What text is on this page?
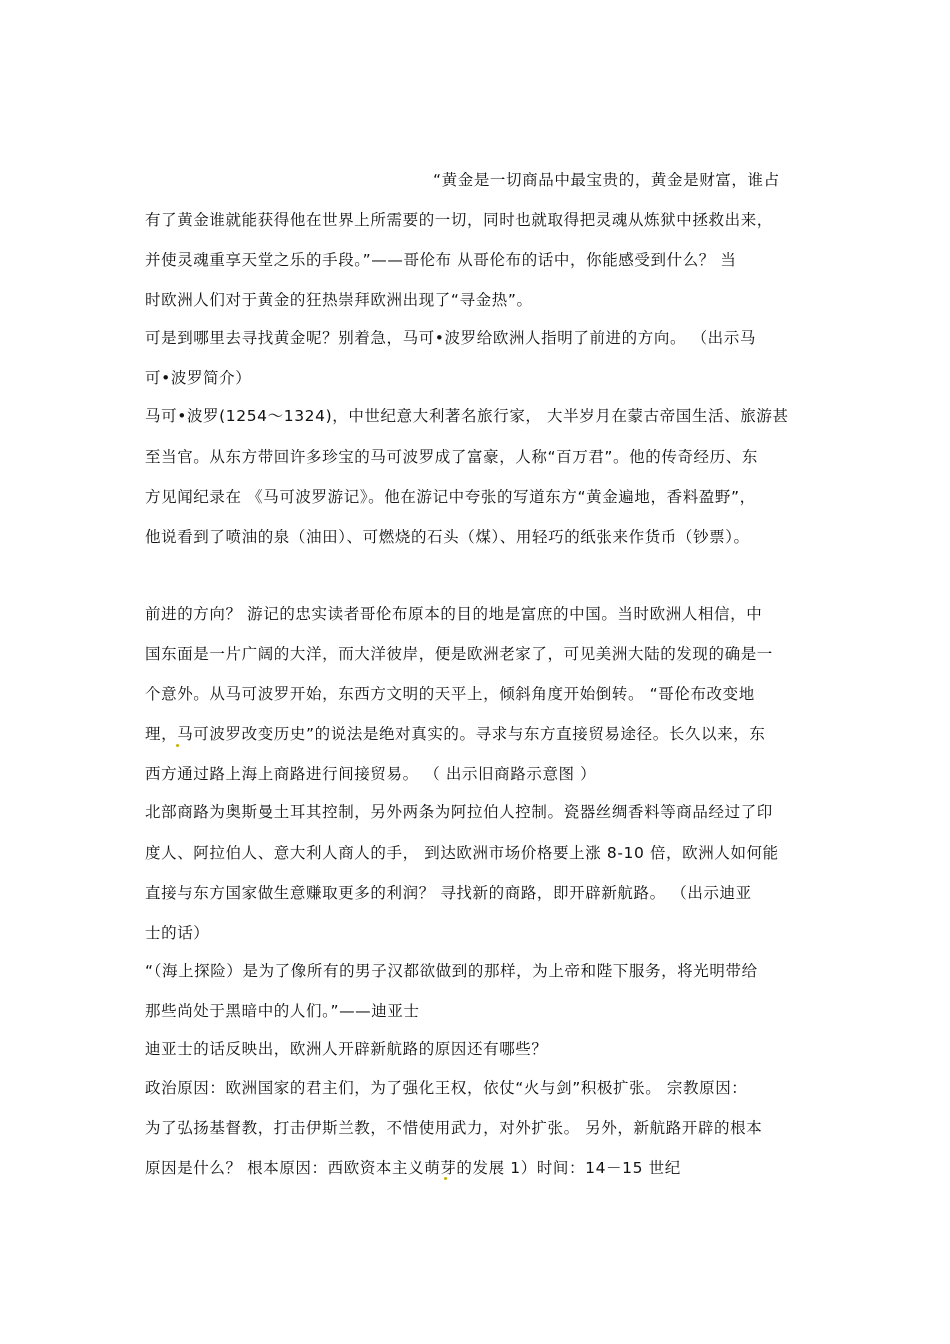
“黄金是一切商品中最宝贵的，黄金是财富，谁占
有了黄金谁就能获得他在世界上所需要的一切，同时也就取得把灵魂从炼狱中拯救出来，
并使灵魂重享天堂之乐的手段。”——哥伦布 从哥伦布的话中，你能感受到什么？ 当
时欧洲人们对于黄金的狂热崇拜欧洲出现了“寻金热”。
可是到哪里去寻找黄金呢？别着急，马可•波罗给欧洲人指明了前进的方向。 （出示马
可•波罗简介）
马可•波罗(1254～1324)，中世纪意大利著名旅行家， 大半岁月在蒙古帝国生活、旅游甚
至当官。从东方带回许多珍宝的马可波罗成了富豪，人称“百万君”。他的传奇经历、东
方见闻纪录在 《马可波罗游记》。他在游记中夸张的写道东方“黄金遍地，香料盈野”，
他说看到了喷油的泉（油田）、可燃烧的石头（煤）、用轻巧的纸张来作货币（钞票）。
前进的方向？ 游记的忠实读者哥伦布原本的目的地是富庶的中国。当时欧洲人相信，中
国东面是一片广阔的大洋，而大洋彼岸，便是欧洲老家了，可见美洲大陆的发现的确是一
个意外。从马可波罗开始，东西方文明的天平上，倾斜角度开始倒转。 “哥伦布改变地
理，马可波罗改变历史”的说法是绝对真实的。寻求与东方直接贸易途径。长久以来，东
西方通过路上海上商路进行间接贸易。 （ 出示旧商路示意图 ）
北部商路为奥斯曼土耳其控制，另外两条为阿拉伯人控制。瓷器丝绸香料等商品经过了印
度人、阿拉伯人、意大利人商人的手， 到达欧洲市场价格要上涨 8-10 倍，欧洲人如何能
直接与东方国家做生意赚取更多的利润？ 寻找新的商路，即开辟新航路。 （出示迪亚
士的话）
“（海上探险）是为了像所有的男子汉都欲做到的那样，为上帝和陛下服务，将光明带给
那些尚处于黑暗中的人们。”——迪亚士
迪亚士的话反映出，欧洲人开辟新航路的原因还有哪些？
政治原因：欧洲国家的君主们，为了强化王权，依仗“火与剑”积极扩张。 宗教原因：
为了弘扬基督教，打击伊斯兰教，不惜使用武力，对外扩张。 另外，新航路开辟的根本
原因是什么？ 根本原因：西欧资本主义萌芽的发展 1）时间：14－15 世纪
